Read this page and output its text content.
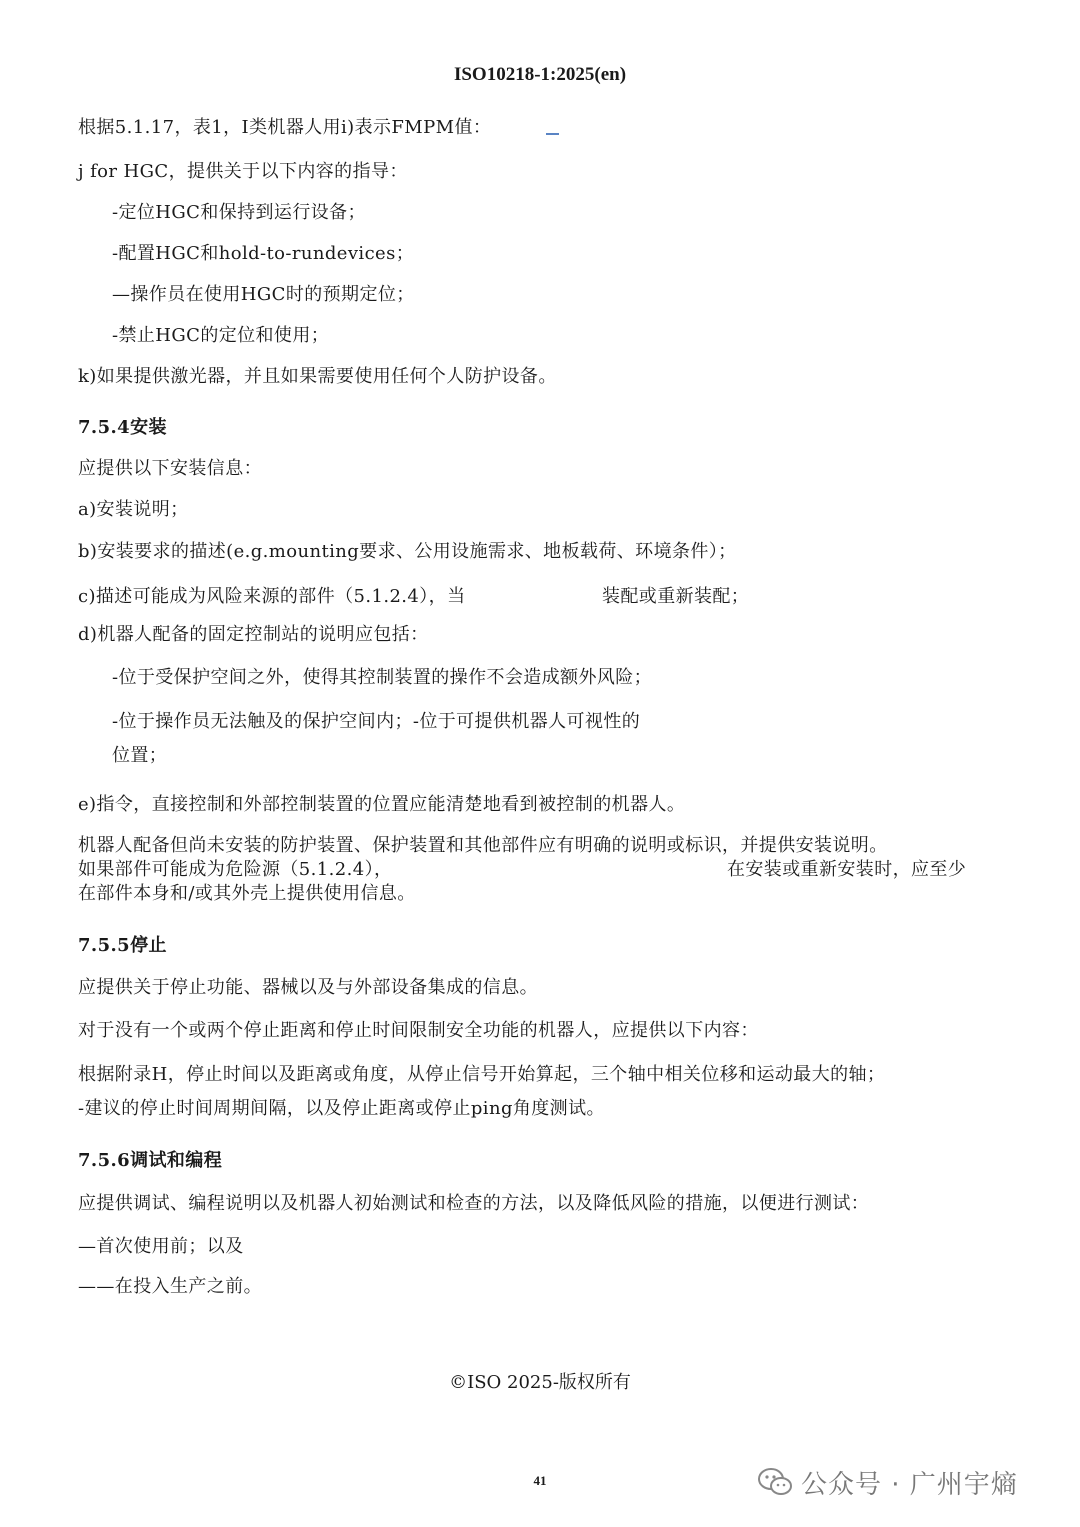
ISO10218-1:2025(en)
根据5.1.17，表1，I类机器人用i)表示FMPM值：
j for HGC，提供关于以下内容的指导：
-定位HGC和保持到运行设备；
-配置HGC和hold-to-rundevices；
—操作员在使用HGC时的预期定位；
-禁止HGC的定位和使用；
k)如果提供激光器，并且如果需要使用任何个人防护设备。
7.5.4安装
应提供以下安装信息：
a)安装说明；
b)安装要求的描述(e.g.mounting要求、公用设施需求、地板载荷、环境条件）；
c)描述可能成为风险来源的部件（5.1.2.4），当	装配或重新装配；
d)机器人配备的固定控制站的说明应包括：
-位于受保护空间之外，使得其控制装置的操作不会造成额外风险；
-位于操作员无法触及的保护空间内；-位于可提供机器人可视性的
位置；
e)指令，直接控制和外部控制装置的位置应能清楚地看到被控制的机器人。
机器人配备但尚未安装的防护装置、保护装置和其他部件应有明确的说明或标识，并提供安装说明。
如果部件可能成为危险源（5.1.2.4），	在安装或重新安装时，应至少
在部件本身和/或其外壳上提供使用信息。
7.5.5停止
应提供关于停止功能、器械以及与外部设备集成的信息。
对于没有一个或两个停止距离和停止时间限制安全功能的机器人，应提供以下内容：
根据附录H，停止时间以及距离或角度，从停止信号开始算起，三个轴中相关位移和运动最大的轴；
-建议的停止时间周期间隔，以及停止距离或停止ping角度测试。
7.5.6调试和编程
应提供调试、编程说明以及机器人初始测试和检查的方法，以及降低风险的措施，以便进行测试：
—首次使用前；以及
——在投入生产之前。
©ISO 2025-版权所有
41	公众号 · 广州宇熵
